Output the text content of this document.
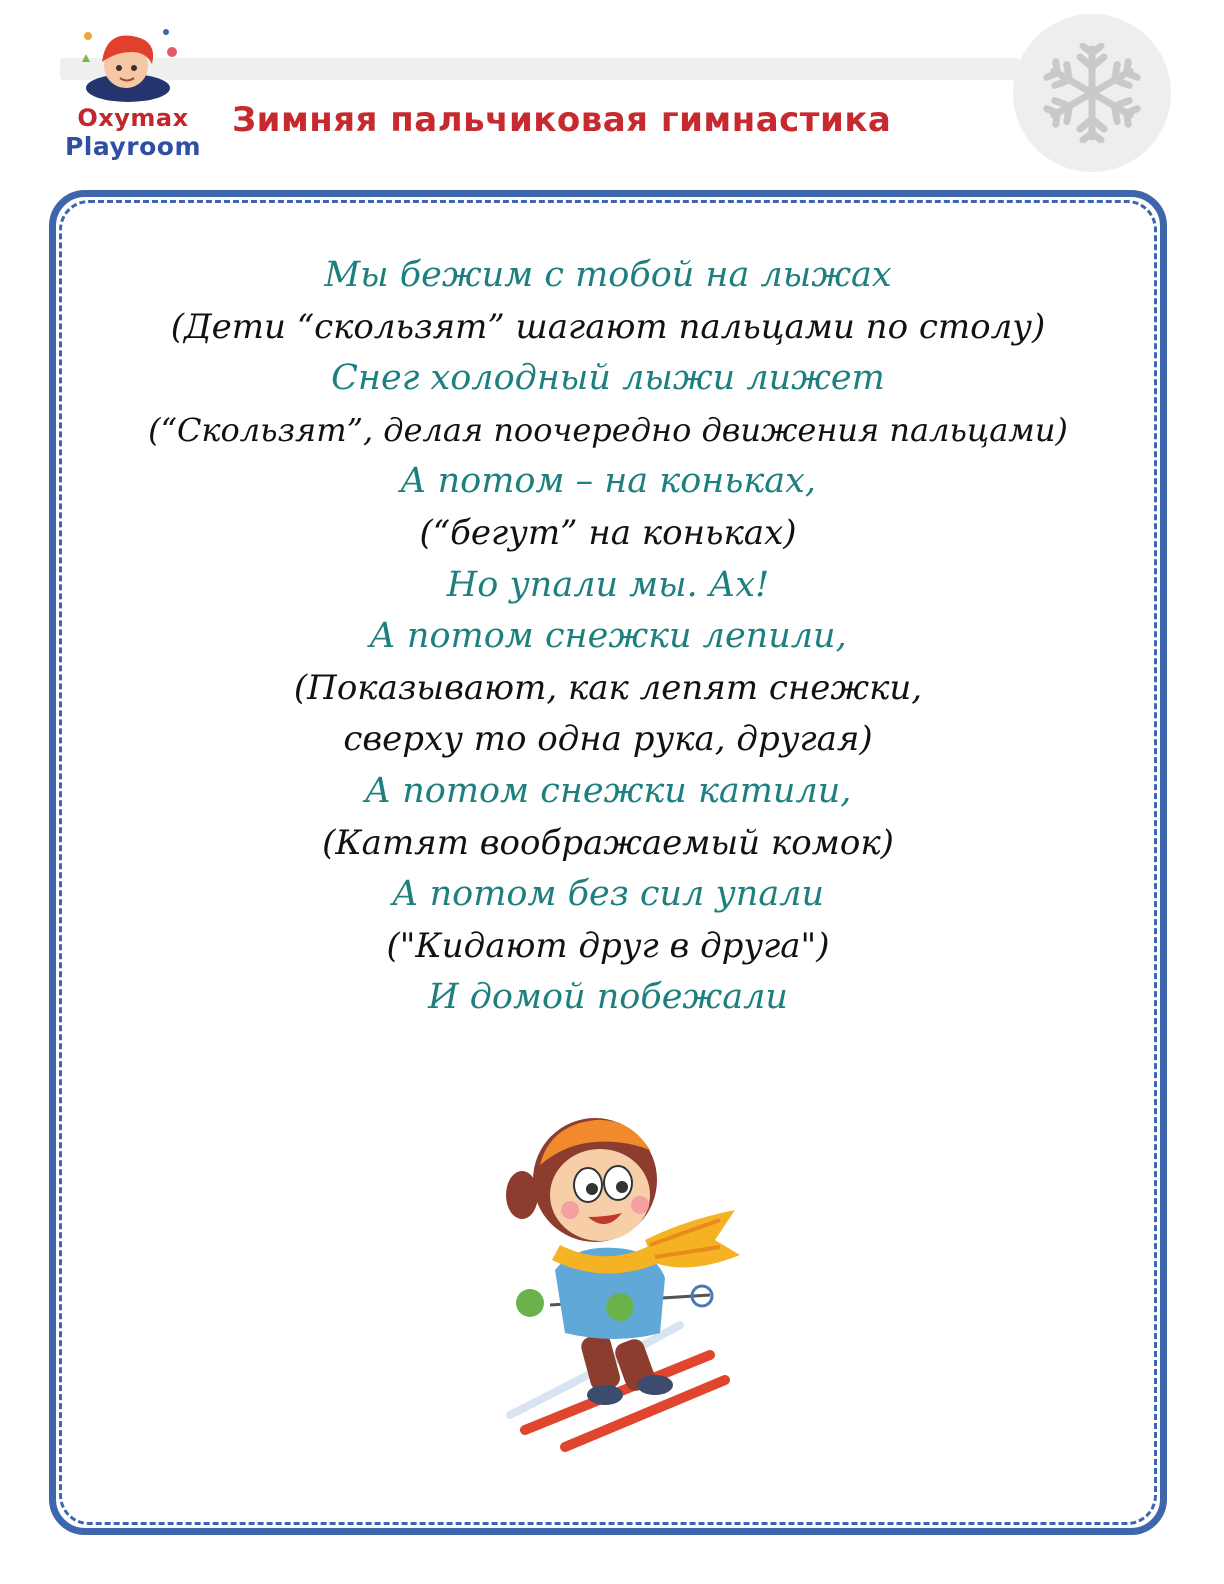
Oxymax
Playroom
Зимняя пальчиковая гимнастика
Мы бежим с тобой на лыжах
(Дети “скользят” шагают пальцами по столу)
Снег холодный лыжи лижет
(“Скользят”, делая поочередно движения пальцами)
А потом – на коньках,
(“бегут” на коньках)
Но упали мы. Ах!
А потом снежки лепили,
(Показывают, как лепят снежки,
сверху то одна рука, другая)
А потом снежки катили,
(Катят воображаемый комок)
А потом без сил упали
("Кидают друг в друга")
И домой побежали
